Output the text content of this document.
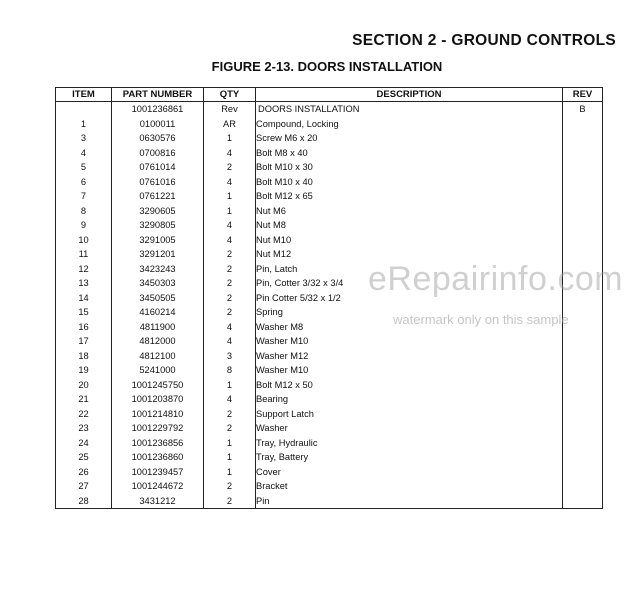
SECTION 2 - GROUND CONTROLS
FIGURE 2-13. DOORS INSTALLATION
ITEM	PART NUMBER	QTY	DESCRIPTION	REV
	1001236861	Rev	DOORS INSTALLATION	B
1	0100011	AR	Compound, Locking	
3	0630576	1	Screw M6 x 20	
4	0700816	4	Bolt M8 x 40	
5	0761014	2	Bolt M10 x 30	
6	0761016	4	Bolt M10 x 40	
7	0761221	1	Bolt M12 x 65	
8	3290605	1	Nut M6	
9	3290805	4	Nut M8	
10	3291005	4	Nut M10	
11	3291201	2	Nut M12	
12	3423243	2	Pin, Latch	
13	3450303	2	Pin, Cotter 3/32 x 3/4	
14	3450505	2	Pin Cotter 5/32 x 1/2	
15	4160214	2	Spring	
16	4811900	4	Washer M8	
17	4812000	4	Washer M10	
18	4812100	3	Washer M12	
19	5241000	8	Washer M10	
20	1001245750	1	Bolt M12 x 50	
21	1001203870	4	Bearing	
22	1001214810	2	Support Latch	
23	1001229792	2	Washer	
24	1001236856	1	Tray, Hydraulic	
25	1001236860	1	Tray, Battery	
26	1001239457	1	Cover	
27	1001244672	2	Bracket	
28	3431212	2	Pin	
eRepairinfo.com
watermark only on this sample
